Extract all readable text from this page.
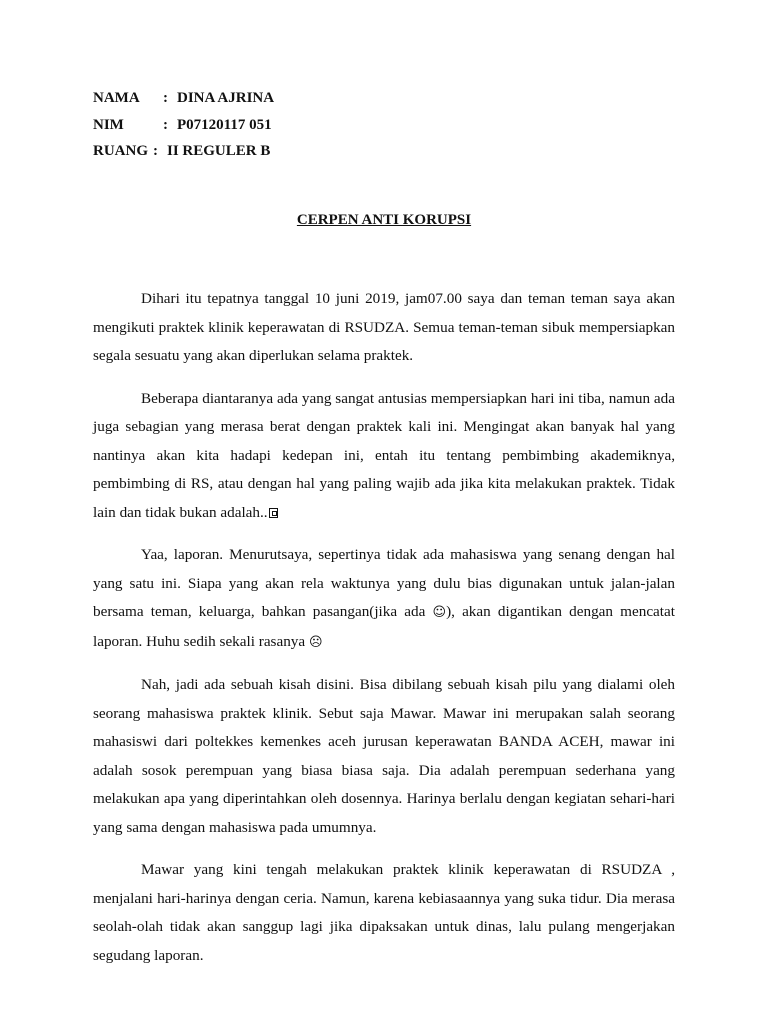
NAMA	: DINA AJRINA
NIM	: P07120117 051
RUANG : II REGULER B
CERPEN ANTI KORUPSI

Dihari itu tepatnya tanggal 10 juni 2019, jam07.00 saya dan teman teman saya akan mengikuti praktek klinik keperawatan di RSUDZA. Semua teman-teman sibuk mempersiapkan segala sesuatu yang akan diperlukan selama praktek.

Beberapa diantaranya ada yang sangat antusias mempersiapkan hari ini tiba, namun ada juga sebagian yang merasa berat dengan praktek kali ini. Mengingat akan banyak hal yang nantinya akan kita hadapi kedepan ini, entah itu tentang pembimbing akademiknya, pembimbing di RS, atau dengan hal yang paling wajib ada jika kita melakukan praktek. Tidak lain dan tidak bukan adalah..

Yaa, laporan. Menurutsaya, sepertinya tidak ada mahasiswa yang senang dengan hal yang satu ini. Siapa yang akan rela waktunya yang dulu bias digunakan untuk jalan-jalan bersama teman, keluarga, bahkan pasangan(jika ada ☺), akan digantikan dengan mencatat laporan. Huhu sedih sekali rasanya ☹

Nah, jadi ada sebuah kisah disini. Bisa dibilang sebuah kisah pilu yang dialami oleh seorang mahasiswa praktek klinik. Sebut saja Mawar. Mawar ini merupakan salah seorang mahasiswi dari poltekkes kemenkes aceh jurusan keperawatan BANDA ACEH, mawar ini adalah sosok perempuan yang biasa biasa saja. Dia adalah perempuan sederhana yang melakukan apa yang diperintahkan oleh dosennya. Harinya berlalu dengan kegiatan sehari-hari yang sama dengan mahasiswa pada umumnya.

Mawar yang kini tengah melakukan praktek klinik keperawatan di RSUDZA , menjalani hari-harinya dengan ceria. Namun, karena kebiasaannya yang suka tidur. Dia merasa seolah-olah tidak akan sanggup lagi jika dipaksakan untuk dinas, lalu pulang mengerjakan segudang laporan.
